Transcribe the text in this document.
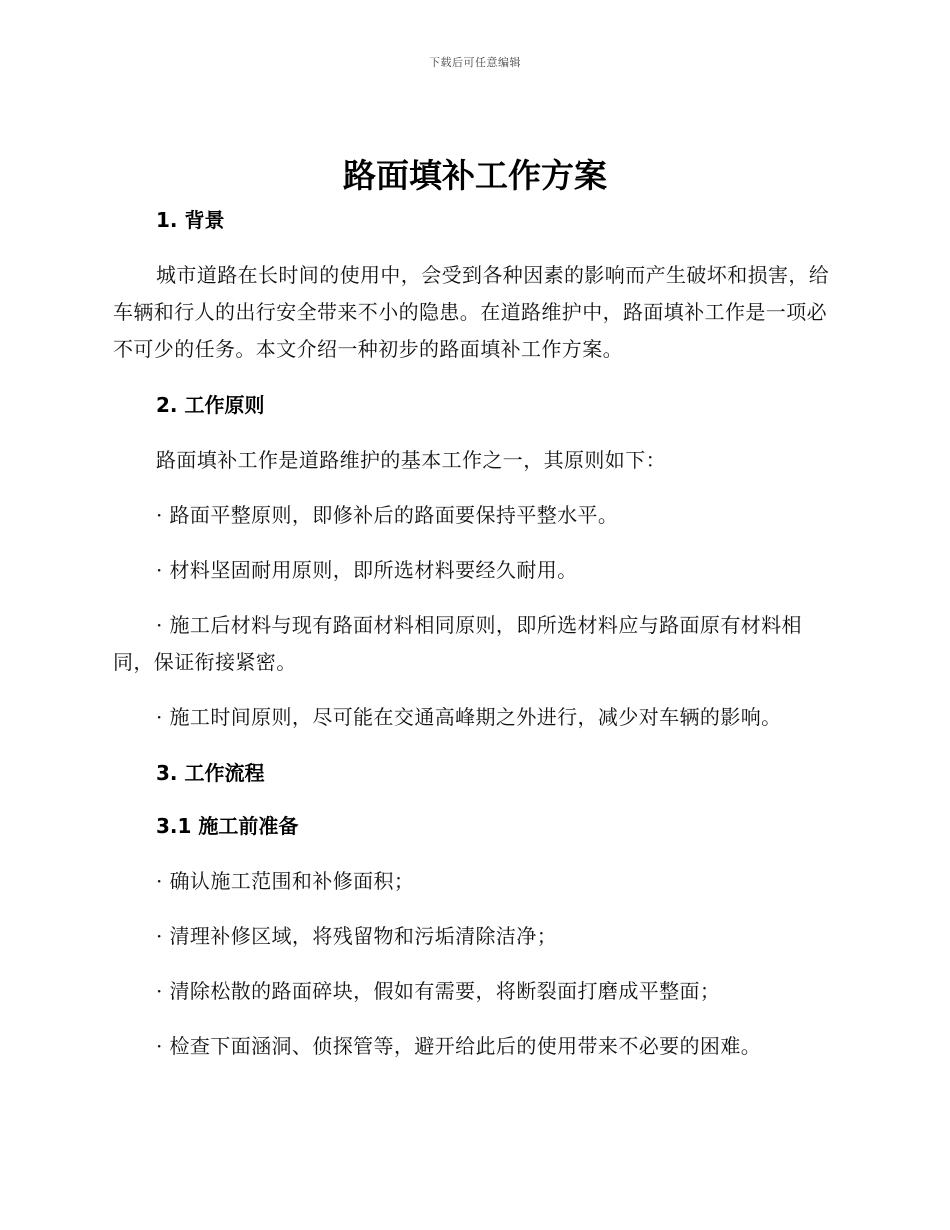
下载后可任意编辑
路面填补工作方案
1. 背景

城市道路在长时间的使用中，会受到各种因素的影响而产生破坏和损害，给车辆和行人的出行安全带来不小的隐患。在道路维护中，路面填补工作是一项必不可少的任务。本文介绍一种初步的路面填补工作方案。

2. 工作原则

路面填补工作是道路维护的基本工作之一，其原则如下：

· 路面平整原则，即修补后的路面要保持平整水平。

· 材料坚固耐用原则，即所选材料要经久耐用。

· 施工后材料与现有路面材料相同原则，即所选材料应与路面原有材料相同，保证衔接紧密。

· 施工时间原则，尽可能在交通高峰期之外进行，减少对车辆的影响。

3. 工作流程
3.1 施工前准备

· 确认施工范围和补修面积；

· 清理补修区域，将残留物和污垢清除洁净；

· 清除松散的路面碎块，假如有需要，将断裂面打磨成平整面；

· 检查下面涵洞、侦探管等，避开给此后的使用带来不必要的困难。
